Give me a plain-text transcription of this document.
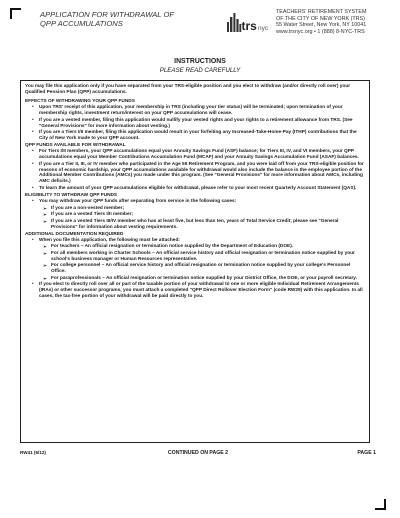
APPLICATION FOR WITHDRAWAL OF
QPP ACCUMULATIONS	trs nyc
TEACHERS' RETIREMENT SYSTEM
OF THE CITY OF NEW YORK (TRS)
55 Water Street, New York, NY 10041
www.trsnyc.org • 1 (888) 8-NYC-TRS
INSTRUCTIONS
PLEASE READ CAREFULLY

You may file this application only if you have separated from your TRS-eligible position and you elect to withdraw (and/or directly roll over) your Qualified Pension Plan (QPP) accumulations.

EFFECTS OF WITHDRAWING YOUR QPP FUNDS

• Upon TRS' receipt of this application, your membership in TRS (including your tier status) will be terminated; upon termination of your membership rights, investment return/interest on your QPP accumulations will cease.
• If you are a vested member, filing this application would nullify your vested rights and your rights to a retirement allowance from TRS. (See "General Provisions" for more information about vesting.)
• If you are a Tiers I/II member, filing this application would result in your forfeiting any Increased-Take-Home-Pay (ITHP) contributions that the City of New York made to your QPP account.

QPP FUNDS AVAILABLE FOR WITHDRAWAL

• For Tiers I/II members, your QPP accumulations equal your Annuity Savings Fund (ASF) balance; for Tiers III, IV, and VI members, your QPP accumulations equal your Member Contributions Accumulation Fund (MCAF) and your Annuity Savings Accumulation Fund (ASAF) balances.
• If you are a Tier II, III, or IV member who participated in the Age 55 Retirement Program, and you were laid off from your TRS-eligible position for reasons of economic hardship, your QPP accumulations available for withdrawal would also include the balance in the employee portion of the Additional Member Contributions (AMCs) you made under this program. (See "General Provisions" for more information about AMCs, including AMC deficits.)
• To learn the amount of your QPP accumulations eligible for withdrawal, please refer to your most recent Quarterly Account Statement (QAS).

ELIGIBILITY TO WITHDRAW QPP FUNDS

• You may withdraw your QPP funds after separating from service in the following cases:
➢ If you are a non-vested member;
➢ If you are a vested Tiers I/II member;
➢ If you are a vested Tiers III/IV member who has at least five, but less than ten, years of Total Service Credit; please see "General Provisions" for information about vesting requirements.

ADDITIONAL DOCUMENTATION REQUIRED

• When you file this application, the following must be attached:
➢ For teachers – An official resignation or termination notice supplied by the Department of Education (DOE).
➢ For all members working in Charter Schools – An official service history and official resignation or termination notice supplied by your school's business manager or Human Resources representative.
➢ For college personnel – An official service history and official resignation or termination notice supplied by your college's Personnel Office.
➢ For paraprofessionals – An official resignation or termination notice supplied by your District Office, the DOE, or your payroll secretary.
• If you elect to directly roll over all or part of the taxable portion of your withdrawal to one or more eligible Individual Retirement Arrangements (IRAs) or other successor programs, you must attach a completed "QPP Direct Rollover Election Form" (code RW29) with this application. In all cases, the tax-free portion of your withdrawal will be paid directly to you.
RW41 (6/12)	CONTINUED ON PAGE 2	PAGE 1
